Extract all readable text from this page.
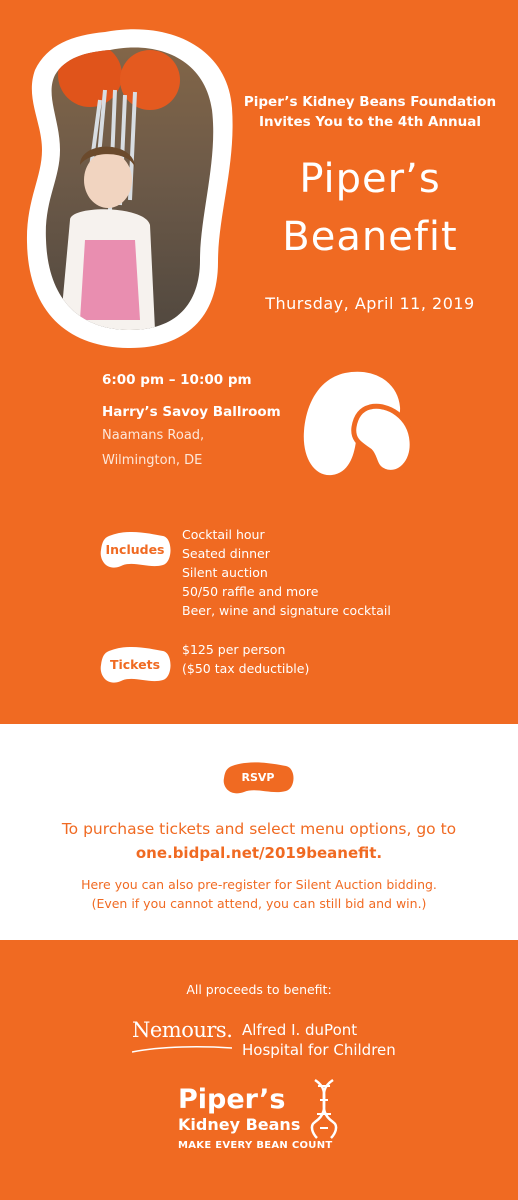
Piper’s Kidney Beans Foundation
Invites You to the 4th Annual
Piper’s
Beanefit
Thursday, April 11, 2019
6:00 pm – 10:00 pm
Harry’s Savoy Ballroom
Naamans Road,
Wilmington, DE
Includes
Cocktail hour
Seated dinner
Silent auction
50/50 raffle and more
Beer, wine and signature cocktail
Tickets
$125 per person
($50 tax deductible)
RSVP
To purchase tickets and select menu options, go to
one.bidpal.net/2019beanefit.
Here you can also pre-register for Silent Auction bidding.
(Even if you cannot attend, you can still bid and win.)
All proceeds to benefit:
Nemours. Alfred I. duPont
Hospital for Children
Piper’s
Kidney Beans
MAKE EVERY BEAN COUNT
